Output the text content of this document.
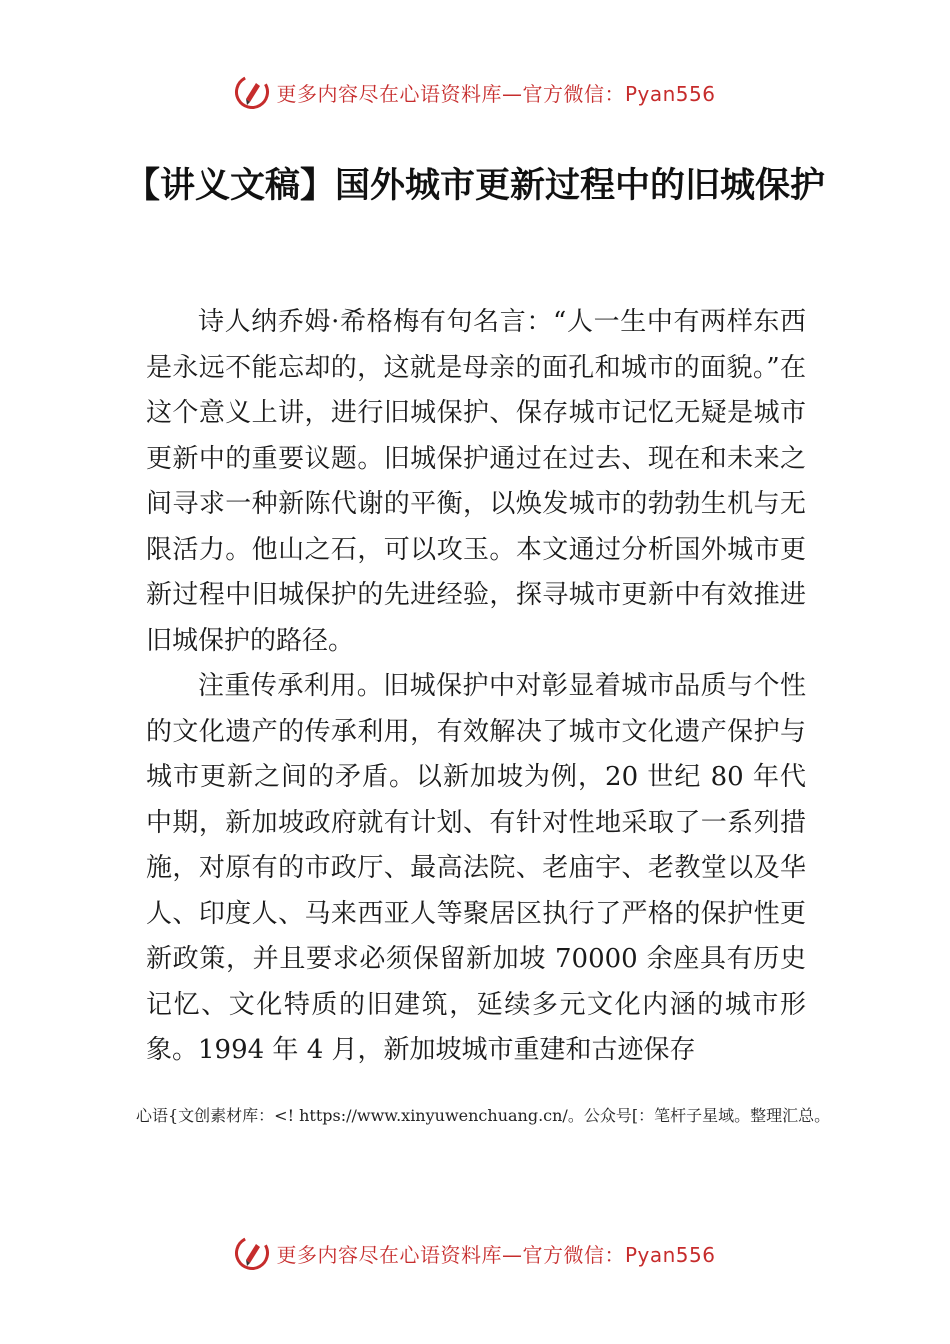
更多内容尽在心语资料库—官方微信：Pyan556
【讲义文稿】国外城市更新过程中的旧城保护

诗人纳乔姆·希格梅有句名言：“人一生中有两样东西是永远不能忘却的，这就是母亲的面孔和城市的面貌。”在这个意义上讲，进行旧城保护、保存城市记忆无疑是城市更新中的重要议题。旧城保护通过在过去、现在和未来之间寻求一种新陈代谢的平衡，以焕发城市的勃勃生机与无限活力。他山之石，可以攻玉。本文通过分析国外城市更新过程中旧城保护的先进经验，探寻城市更新中有效推进旧城保护的路径。

注重传承利用。旧城保护中对彰显着城市品质与个性的文化遗产的传承利用，有效解决了城市文化遗产保护与城市更新之间的矛盾。以新加坡为例，20 世纪 80 年代中期，新加坡政府就有计划、有针对性地采取了一系列措施，对原有的市政厅、最高法院、老庙宇、老教堂以及华人、印度人、马来西亚人等聚居区执行了严格的保护性更新政策，并且要求必须保留新加坡 70000 余座具有历史记忆、文化特质的旧建筑，延续多元文化内涵的城市形象。1994 年 4 月，新加坡城市重建和古迹保存

心语{文创素材库：<! https://www.xinyuwenchuang.cn/。公众号[：笔杆子星域。整理汇总。
更多内容尽在心语资料库—官方微信：Pyan556
